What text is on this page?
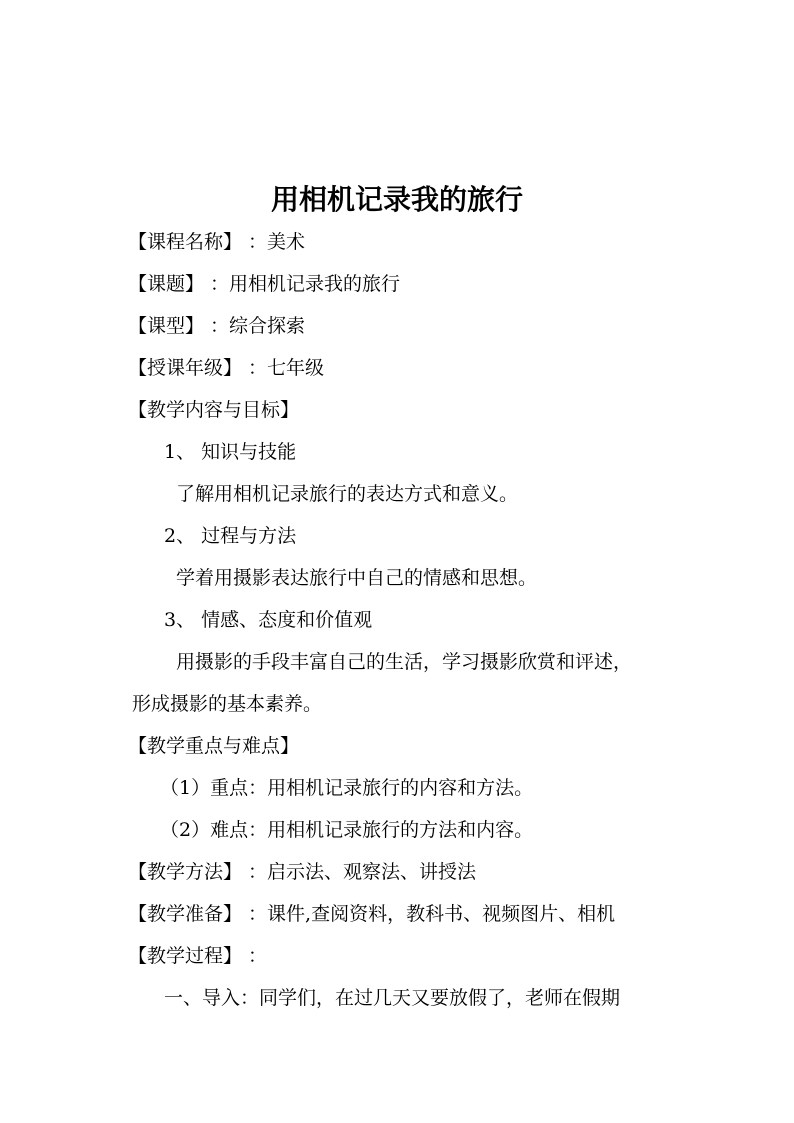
用相机记录我的旅行
【课程名称】 ：美术
【课题】 ：用相机记录我的旅行
【课型】 ：综合探索
【授课年级】 ：七年级
【教学内容与目标】
1、 知识与技能
了解用相机记录旅行的表达方式和意义。
2、 过程与方法
学着用摄影表达旅行中自己的情感和思想。
3、 情感、态度和价值观
用摄影的手段丰富自己的生活，学习摄影欣赏和评述，
形成摄影的基本素养。
【教学重点与难点】
（1）重点：用相机记录旅行的内容和方法。
（2）难点：用相机记录旅行的方法和内容。
【教学方法】 ：启示法、观察法、讲授法
【教学准备】 ：课件,查阅资料，教科书、视频图片、相机
【教学过程】 ：
一、导入：同学们，在过几天又要放假了，老师在假期
